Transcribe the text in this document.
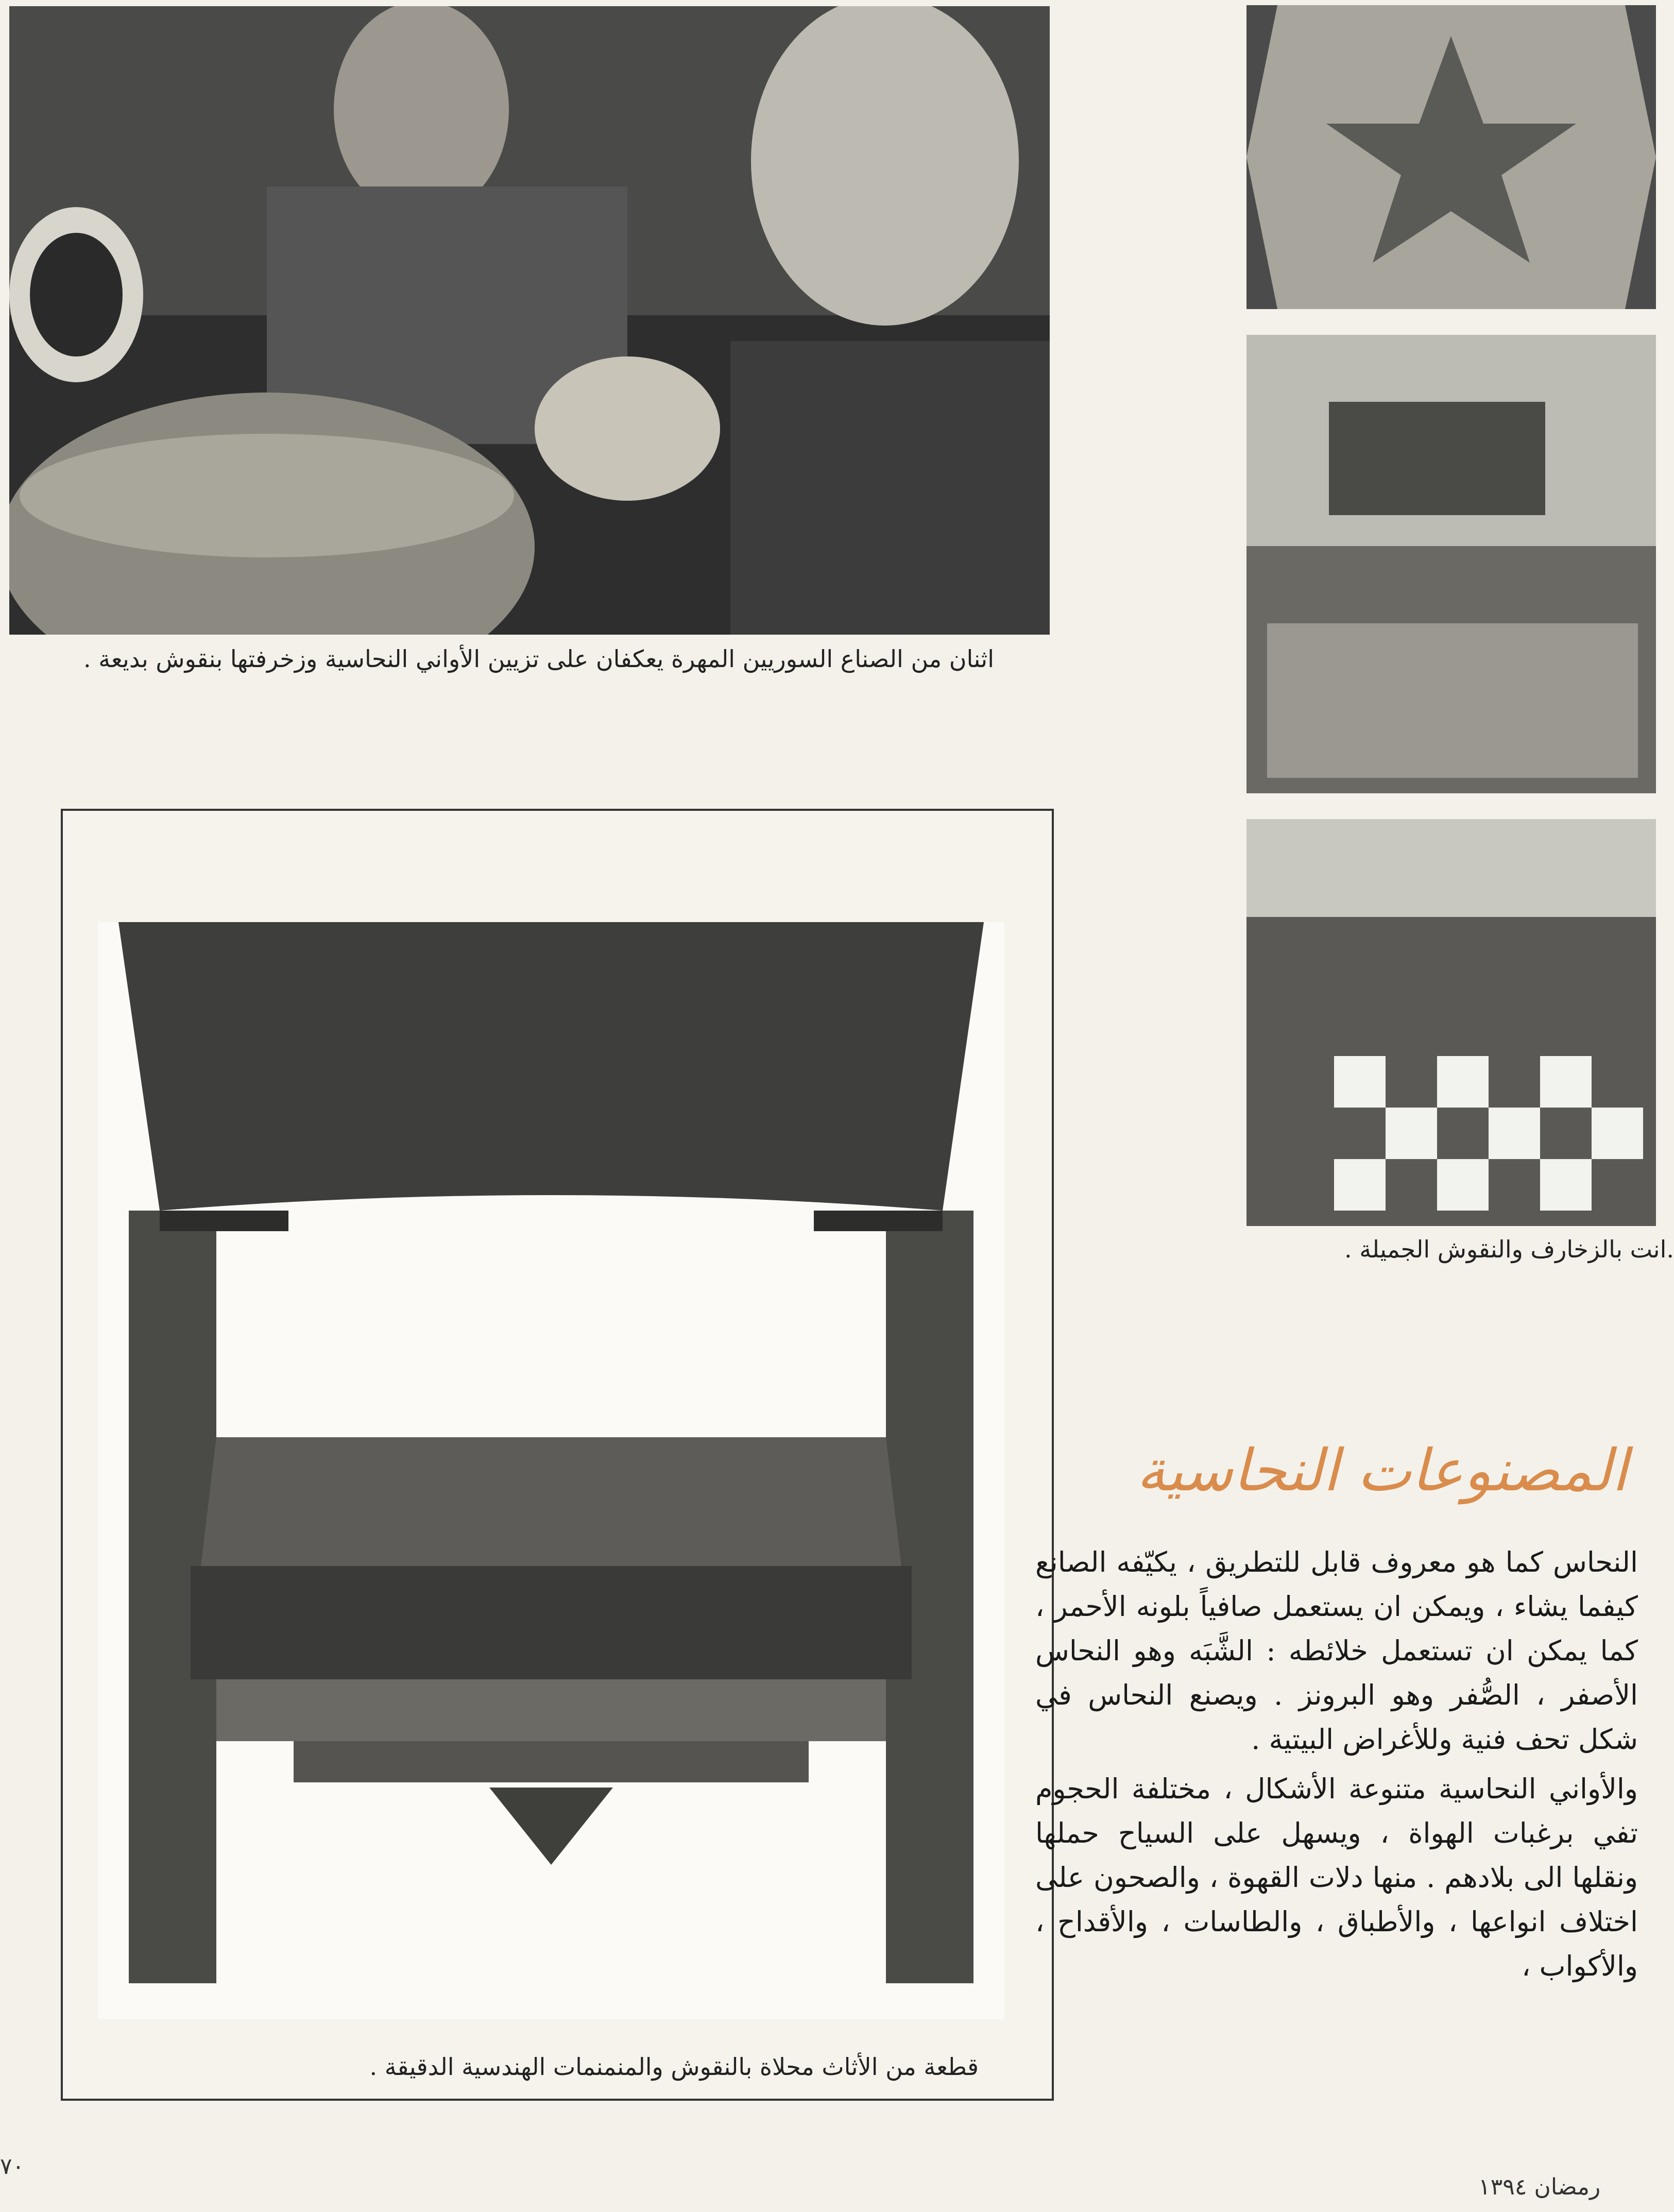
اثنان من الصناع السوريين المهرة يعكفان على تزيين الأواني النحاسية وزخرفتها بنقوش بديعة .
.انت بالزخارف والنقوش الجميلة .
قطعة من الأثاث محلاة بالنقوش والمنمنمات الهندسية الدقيقة .
المصنوعات النحاسية

النحاس كما هو معروف قابل للتطريق ، يكيّفه الصانع كيفما يشاء ، ويمكن ان يستعمل صافياً بلونه الأحمر ، كما يمكن ان تستعمل خلائطه : الشَّبَه وهو النحاس الأصفر ، الصُّفر وهو البرونز . ويصنع النحاس في شكل تحف فنية وللأغراض البيتية .

والأواني النحاسية متنوعة الأشكال ، مختلفة الحجوم تفي برغبات الهواة ، ويسهل على السياح حملها ونقلها الى بلادهم . منها دلات القهوة ، والصحون على اختلاف انواعها ، والأطباق ، والطاسات ، والأقداح ، والأكواب ،

٧٠
رمضان ١٣٩٤
